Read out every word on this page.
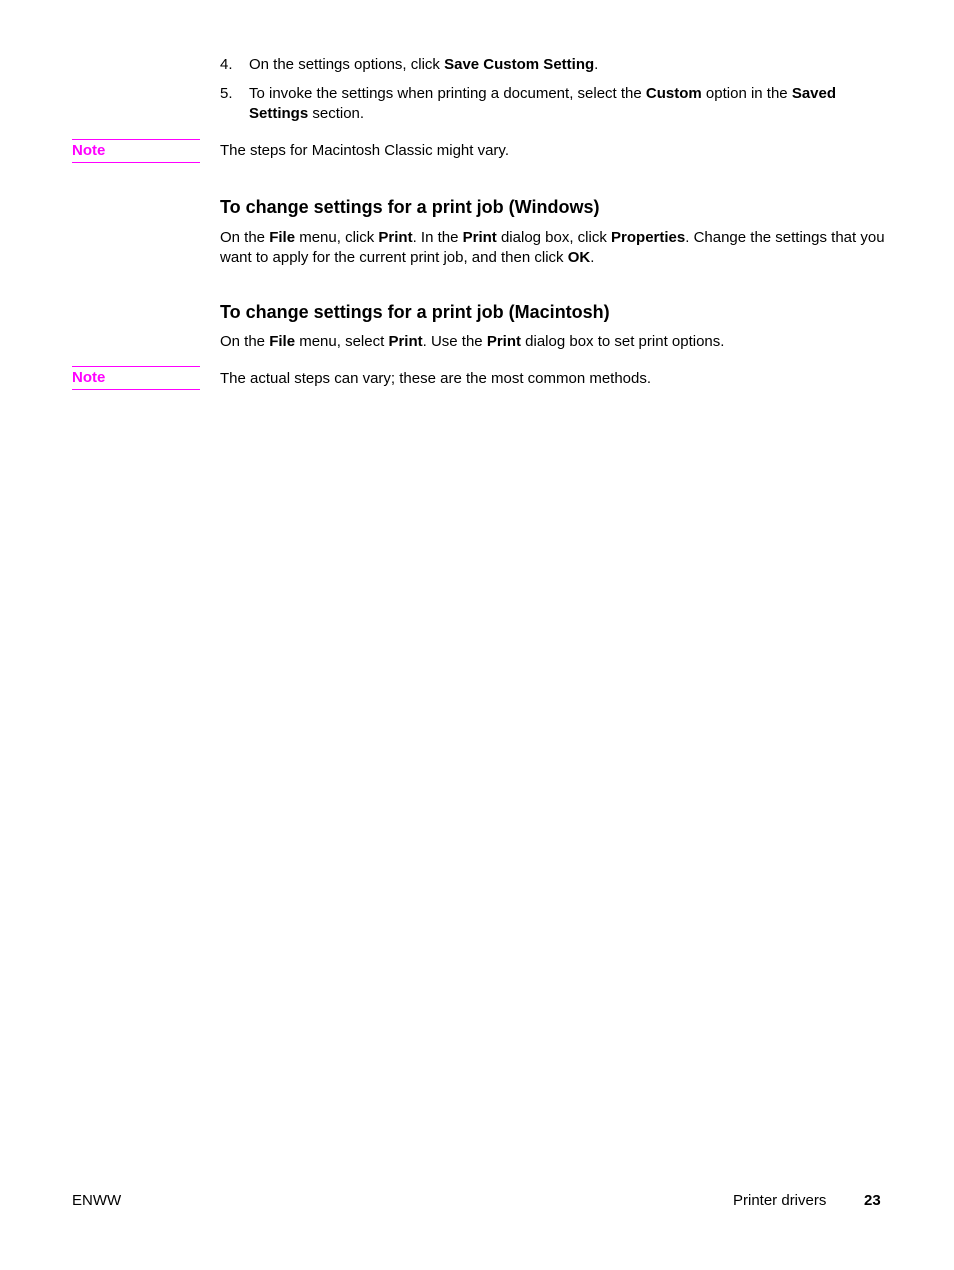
4. On the settings options, click Save Custom Setting.
5. To invoke the settings when printing a document, select the Custom option in the Saved Settings section.
Note	The steps for Macintosh Classic might vary.
To change settings for a print job (Windows)
On the File menu, click Print. In the Print dialog box, click Properties. Change the settings that you want to apply for the current print job, and then click OK.
To change settings for a print job (Macintosh)
On the File menu, select Print. Use the Print dialog box to set print options.
Note	The actual steps can vary; these are the most common methods.
ENWW	Printer drivers	23
